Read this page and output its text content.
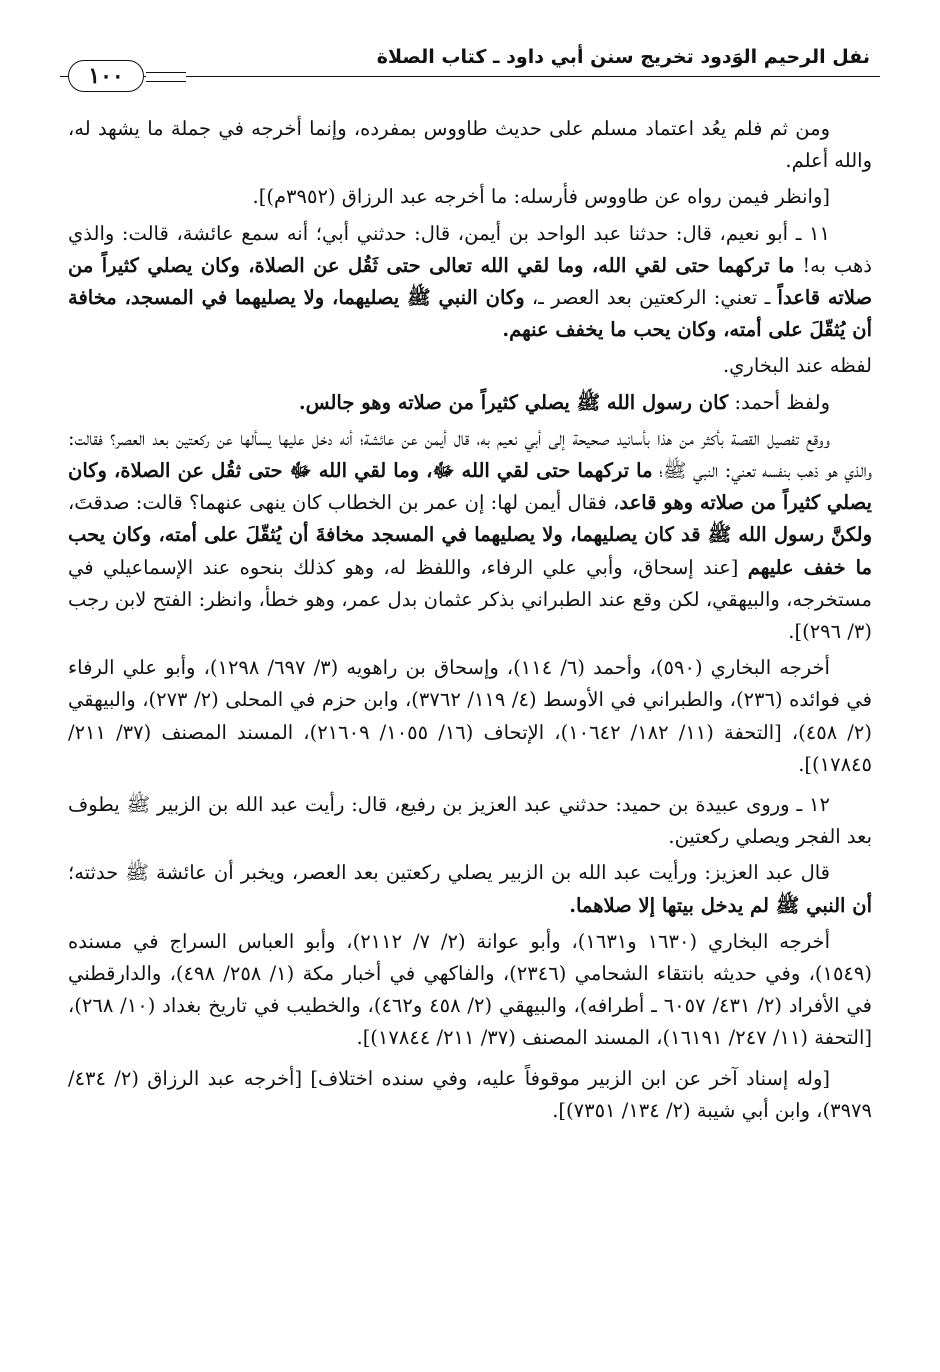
نفل الرحيم الوَدود تخريج سنن أبي داود ـ كتاب الصلاة
١٠٠

ومن ثم فلم يعُد اعتماد مسلم على حديث طاووس بمفرده، وإنما أخرجه في جملة ما يشهد له، والله أعلم.

[وانظر فيمن رواه عن طاووس فأرسله: ما أخرجه عبد الرزاق (٣٩٥٢م)].

١١ ـ أبو نعيم، قال: حدثنا عبد الواحد بن أيمن، قال: حدثني أبي؛ أنه سمع عائشة، قالت: والذي ذهب به! ما تركهما حتى لقي الله، وما لقي الله تعالى حتى ثَقُل عن الصلاة، وكان يصلي كثيراً من صلاته قاعداً ـ تعني: الركعتين بعد العصر ـ، وكان النبي ﷺ يصليهما، ولا يصليهما في المسجد، مخافة أن يُثقّلَ على أمته، وكان يحب ما يخفف عنهم.

لفظه عند البخاري.

ولفظ أحمد: كان رسول الله ﷺ يصلي كثيراً من صلاته وهو جالس.

ووقع تفصيل القصة بأكثر من هذا بأسانيد صحيحة إلى أبي نعيم به، قال أيمن عن عائشة؛ أنه دخل عليها يسألها عن ركعتين بعد العصر؟ فقالت: والذي هو ذهب بنفسه تعني: النبي ﷺ؛ ما تركهما حتى لقي الله ﷻ، وما لقي الله ﷻ حتى ثقُل عن الصلاة، وكان يصلي كثيراً من صلاته وهو قاعد، فقال أيمن لها: إن عمر بن الخطاب كان ينهى عنهما؟ قالت: صدقتَ، ولكنَّ رسول الله ﷺ قد كان يصليهما، ولا يصليهما في المسجد مخافةَ أن يُثقّلَ على أمته، وكان يحب ما خفف عليهم [عند إسحاق، وأبي علي الرفاء، واللفظ له، وهو كذلك بنحوه عند الإسماعيلي في مستخرجه، والبيهقي، لكن وقع عند الطبراني بذكر عثمان بدل عمر، وهو خطأ، وانظر: الفتح لابن رجب (٣/ ٢٩٦)].

أخرجه البخاري (٥٩٠)، وأحمد (٦/ ١١٤)، وإسحاق بن راهويه (٣/ ٦٩٧/ ١٢٩٨)، وأبو علي الرفاء في فوائده (٢٣٦)، والطبراني في الأوسط (٤/ ١١٩/ ٣٧٦٢)، وابن حزم في المحلى (٢/ ٢٧٣)، والبيهقي (٢/ ٤٥٨)، [التحفة (١١/ ١٨٢/ ١٠٦٤٢)، الإتحاف (١٦/ ١٠٥٥/ ٢١٦٠٩)، المسند المصنف (٣٧/ ٢١١/ ١٧٨٤٥)].

١٢ ـ وروى عبيدة بن حميد: حدثني عبد العزيز بن رفيع، قال: رأيت عبد الله بن الزبير ﷺ يطوف بعد الفجر ويصلي ركعتين.

قال عبد العزيز: ورأيت عبد الله بن الزبير يصلي ركعتين بعد العصر، ويخبر أن عائشة ﷺ حدثته؛ أن النبي ﷺ لم يدخل بيتها إلا صلاهما.

أخرجه البخاري (١٦٣٠ و١٦٣١)، وأبو عوانة (٢/ ٧/ ٢١١٢)، وأبو العباس السراج في مسنده (١٥٤٩)، وفي حديثه بانتقاء الشحامي (٢٣٤٦)، والفاكهي في أخبار مكة (١/ ٢٥٨/ ٤٩٨)، والدارقطني في الأفراد (٢/ ٤٣١/ ٦٠٥٧ ـ أطرافه)، والبيهقي (٢/ ٤٥٨ و٤٦٢)، والخطيب في تاريخ بغداد (١٠/ ٢٦٨)، [التحفة (١١/ ٢٤٧/ ١٦١٩١)، المسند المصنف (٣٧/ ٢١١/ ١٧٨٤٤)].

[وله إسناد آخر عن ابن الزبير موقوفاً عليه، وفي سنده اختلاف] [أخرجه عبد الرزاق (٢/ ٤٣٤/ ٣٩٧٩)، وابن أبي شيبة (٢/ ١٣٤/ ٧٣٥١)].
